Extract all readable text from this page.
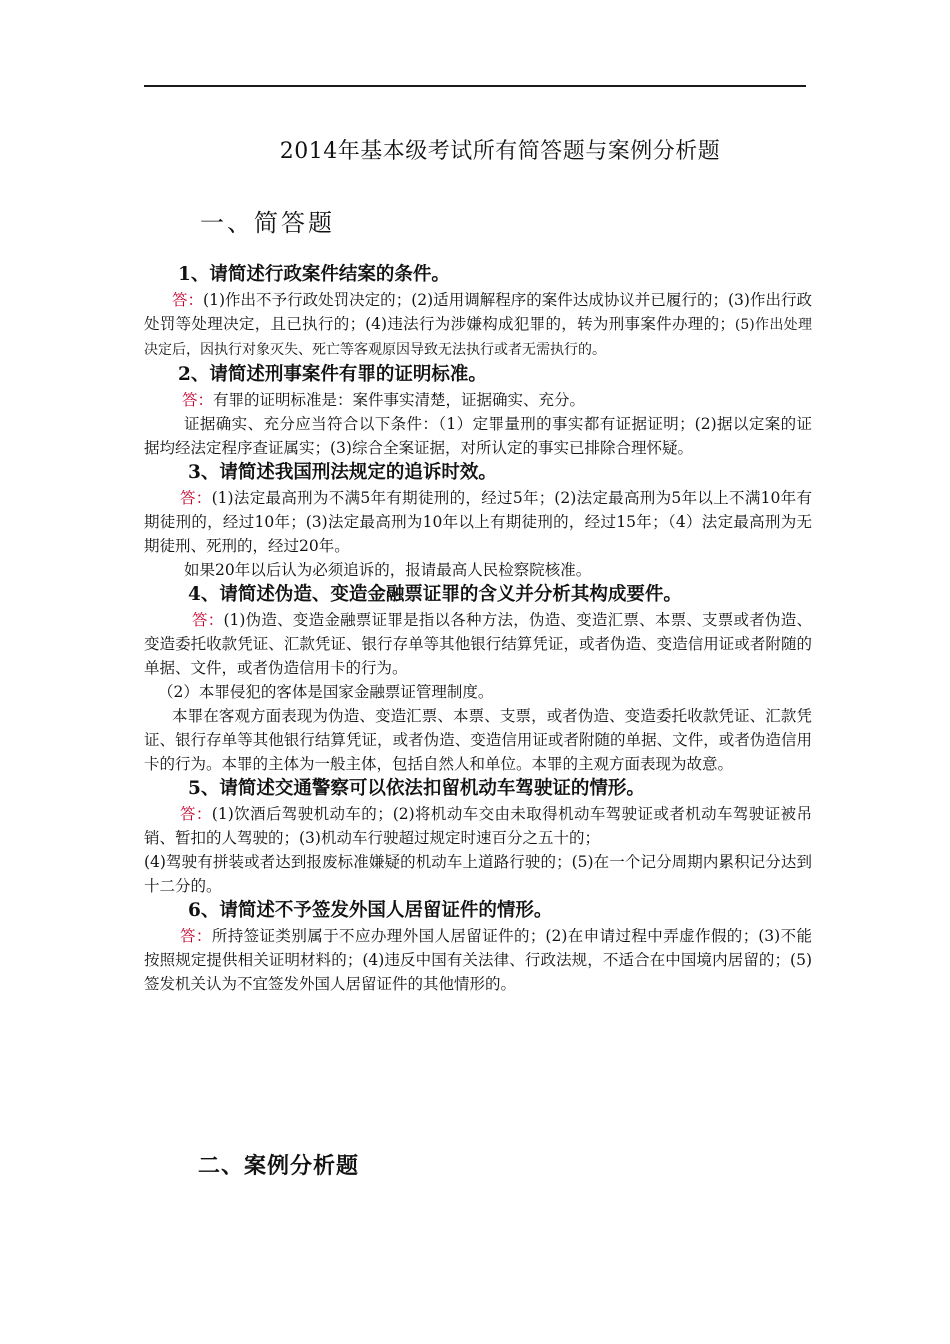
2014年基本级考试所有简答题与案例分析题
一、简答题
1、请简述行政案件结案的条件。
答：(1)作出不予行政处罚决定的；(2)适用调解程序的案件达成协议并已履行的；(3)作出行政处罚等处理决定，且已执行的；(4)违法行为涉嫌构成犯罪的，转为刑事案件办理的；(5)作出处理决定后，因执行对象灭失、死亡等客观原因导致无法执行或者无需执行的。
2、请简述刑事案件有罪的证明标准。
答：有罪的证明标准是：案件事实清楚，证据确实、充分。
证据确实、充分应当符合以下条件：（1）定罪量刑的事实都有证据证明；(2)据以定案的证据均经法定程序查证属实；(3)综合全案证据，对所认定的事实已排除合理怀疑。
3、请简述我国刑法规定的追诉时效。
答：(1)法定最高刑为不满5年有期徒刑的，经过5年；(2)法定最高刑为5年以上不满10年有期徒刑的，经过10年；(3)法定最高刑为10年以上有期徒刑的，经过15年；（4）法定最高刑为无期徒刑、死刑的，经过20年。
如果20年以后认为必须追诉的，报请最高人民检察院核准。
4、请简述伪造、变造金融票证罪的含义并分析其构成要件。
答：(1)伪造、变造金融票证罪是指以各种方法，伪造、变造汇票、本票、支票或者伪造、变造委托收款凭证、汇款凭证、银行存单等其他银行结算凭证，或者伪造、变造信用证或者附随的单据、文件，或者伪造信用卡的行为。
（2）本罪侵犯的客体是国家金融票证管理制度。
本罪在客观方面表现为伪造、变造汇票、本票、支票，或者伪造、变造委托收款凭证、汇款凭证、银行存单等其他银行结算凭证，或者伪造、变造信用证或者附随的单据、文件，或者伪造信用卡的行为。本罪的主体为一般主体，包括自然人和单位。本罪的主观方面表现为故意。
5、请简述交通警察可以依法扣留机动车驾驶证的情形。
答：(1)饮酒后驾驶机动车的；(2)将机动车交由未取得机动车驾驶证或者机动车驾驶证被吊销、暂扣的人驾驶的；(3)机动车行驶超过规定时速百分之五十的；
(4)驾驶有拼装或者达到报废标准嫌疑的机动车上道路行驶的；(5)在一个记分周期内累积记分达到十二分的。
6、请简述不予签发外国人居留证件的情形。
答：所持签证类别属于不应办理外国人居留证件的；(2)在申请过程中弄虚作假的；(3)不能按照规定提供相关证明材料的；(4)违反中国有关法律、行政法规，不适合在中国境内居留的；(5)签发机关认为不宜签发外国人居留证件的其他情形的。
二、案例分析题
